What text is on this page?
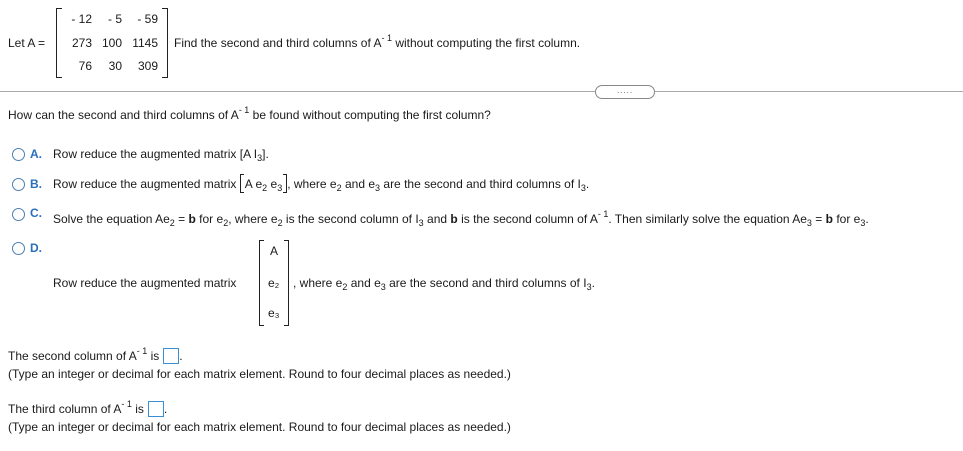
Let A =
- 12 - 5 - 59
273 100 1145
76 30 309
Find the second and third columns of $A^{- 1}$ without computing the first column.
.....
How can the second and third columns of $A^{- 1}$ be found without computing the first column?
A. Row reduce the augmented matrix [A $I_3$].
B. Row reduce the augmented matrix A $e_2$ $e_3$ , where $e_2$ and $e_3$ are the second and third columns of $I_3$.
C. Solve the equation $Ae_2 = b$ for $e_2$, where $e_2$ is the second column of $I_3$ and b is the second column of $A^{- 1}$. Then similarly solve the equation $Ae_3 = b$ for $e_3$.
D.
Row reduce the augmented matrix
A
e₂
e₃
, where $e_2$ and $e_3$ are the second and third columns of $I_3$.
The second column of $A^{- 1}$ is .
(Type an integer or decimal for each matrix element. Round to four decimal places as needed.)
The third column of $A^{- 1}$ is .
(Type an integer or decimal for each matrix element. Round to four decimal places as needed.)
